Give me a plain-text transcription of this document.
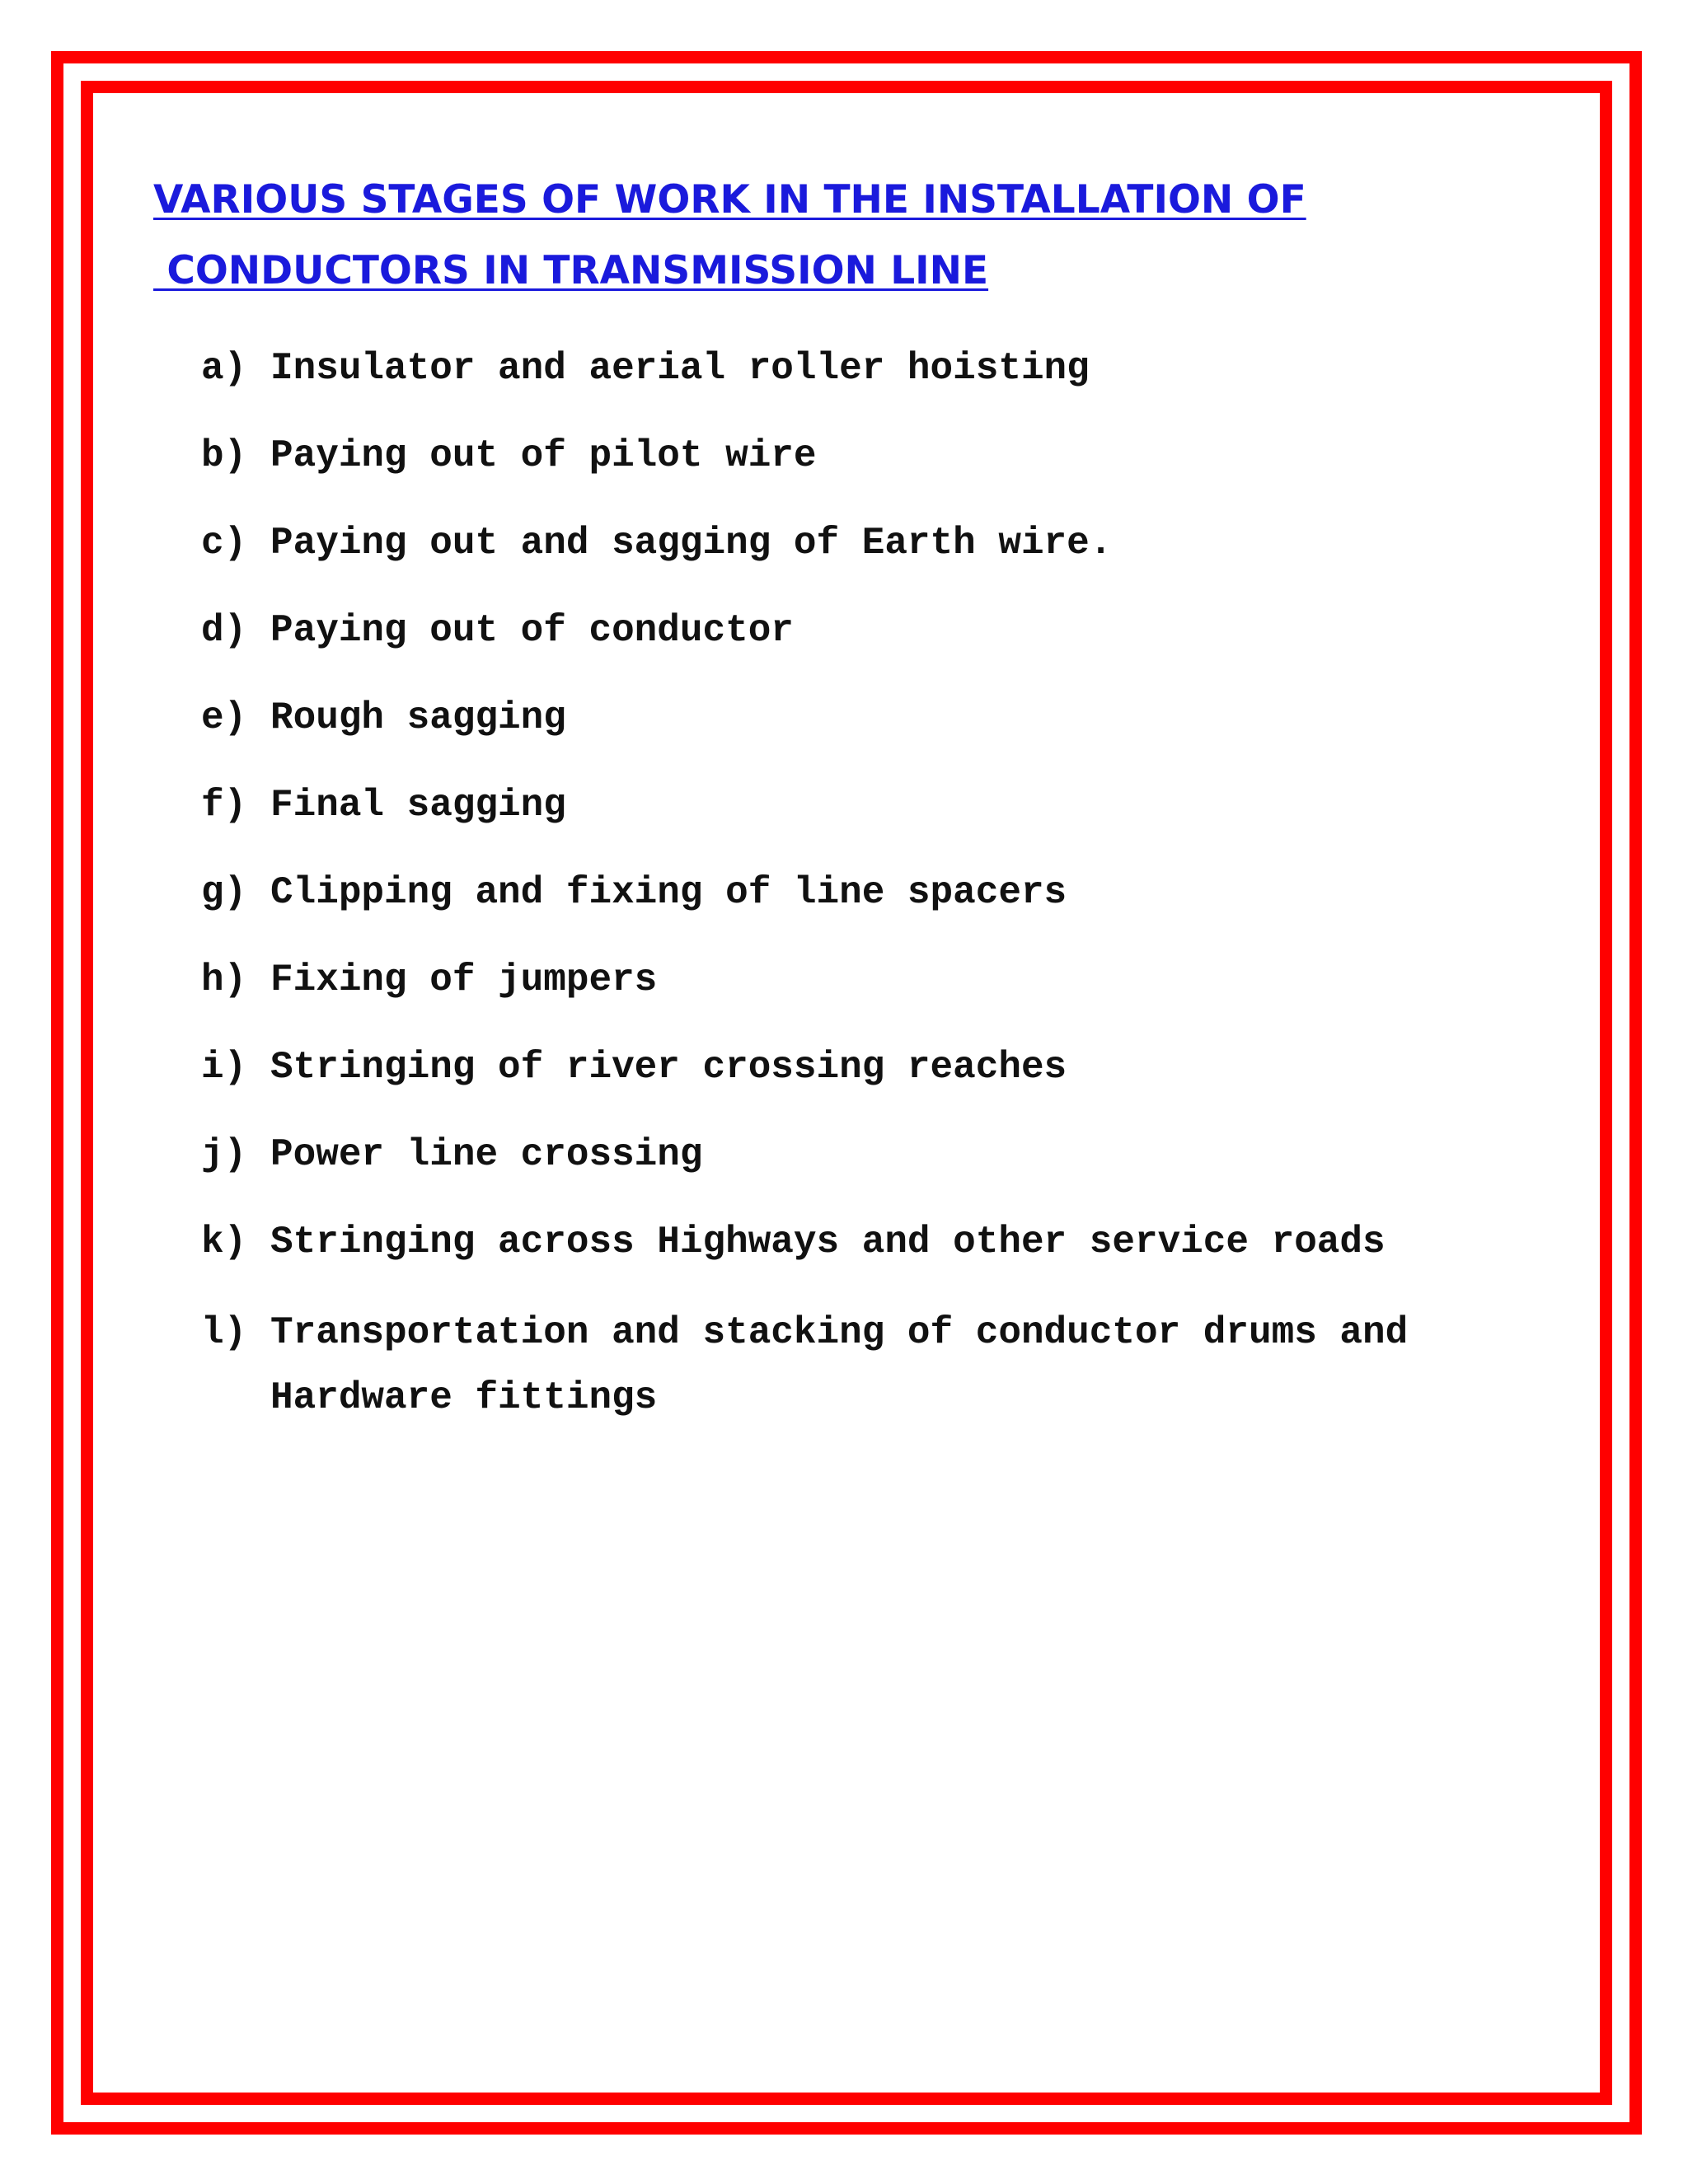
VARIOUS STAGES OF WORK IN THE INSTALLATION OF
CONDUCTORS IN TRANSMISSION LINE
a) Insulator and aerial roller hoisting
b) Paying out of pilot wire
c) Paying out and sagging of Earth wire.
d) Paying out of conductor
e) Rough sagging
f) Final sagging
g) Clipping and fixing of line spacers
h) Fixing of jumpers
i) Stringing of river crossing reaches
j) Power line crossing
k) Stringing across Highways and other service roads
l) Transportation and stacking of conductor drums and
Hardware fittings
